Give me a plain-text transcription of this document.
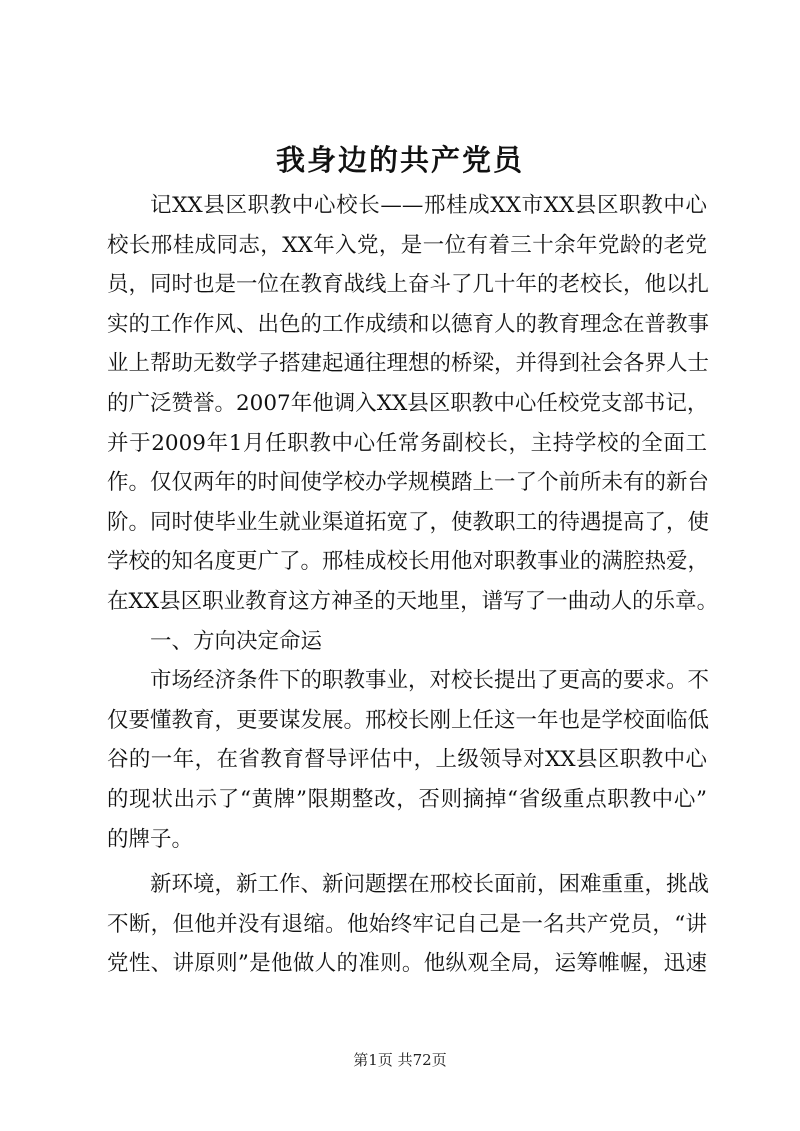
我身边的共产党员
记XX县区职教中心校长——邢桂成XX市XX县区职教中心
校长邢桂成同志，XX年入党，是一位有着三十余年党龄的老党
员，同时也是一位在教育战线上奋斗了几十年的老校长，他以扎
实的工作作风、出色的工作成绩和以德育人的教育理念在普教事
业上帮助无数学子搭建起通往理想的桥梁，并得到社会各界人士
的广泛赞誉。2007年他调入XX县区职教中心任校党支部书记，
并于2009年1月任职教中心任常务副校长，主持学校的全面工
作。仅仅两年的时间使学校办学规模踏上一了个前所未有的新台
阶。同时使毕业生就业渠道拓宽了，使教职工的待遇提高了，使
学校的知名度更广了。邢桂成校长用他对职教事业的满腔热爱，
在XX县区职业教育这方神圣的天地里，谱写了一曲动人的乐章。
一、方向决定命运
市场经济条件下的职教事业，对校长提出了更高的要求。不
仅要懂教育，更要谋发展。邢校长刚上任这一年也是学校面临低
谷的一年，在省教育督导评估中，上级领导对XX县区职教中心
的现状出示了“黄牌”限期整改，否则摘掉“省级重点职教中心”
的牌子。
新环境，新工作、新问题摆在邢校长面前，困难重重，挑战
不断，但他并没有退缩。他始终牢记自己是一名共产党员，“讲
党性、讲原则”是他做人的准则。他纵观全局，运筹帷幄，迅速
第1页 共72页
